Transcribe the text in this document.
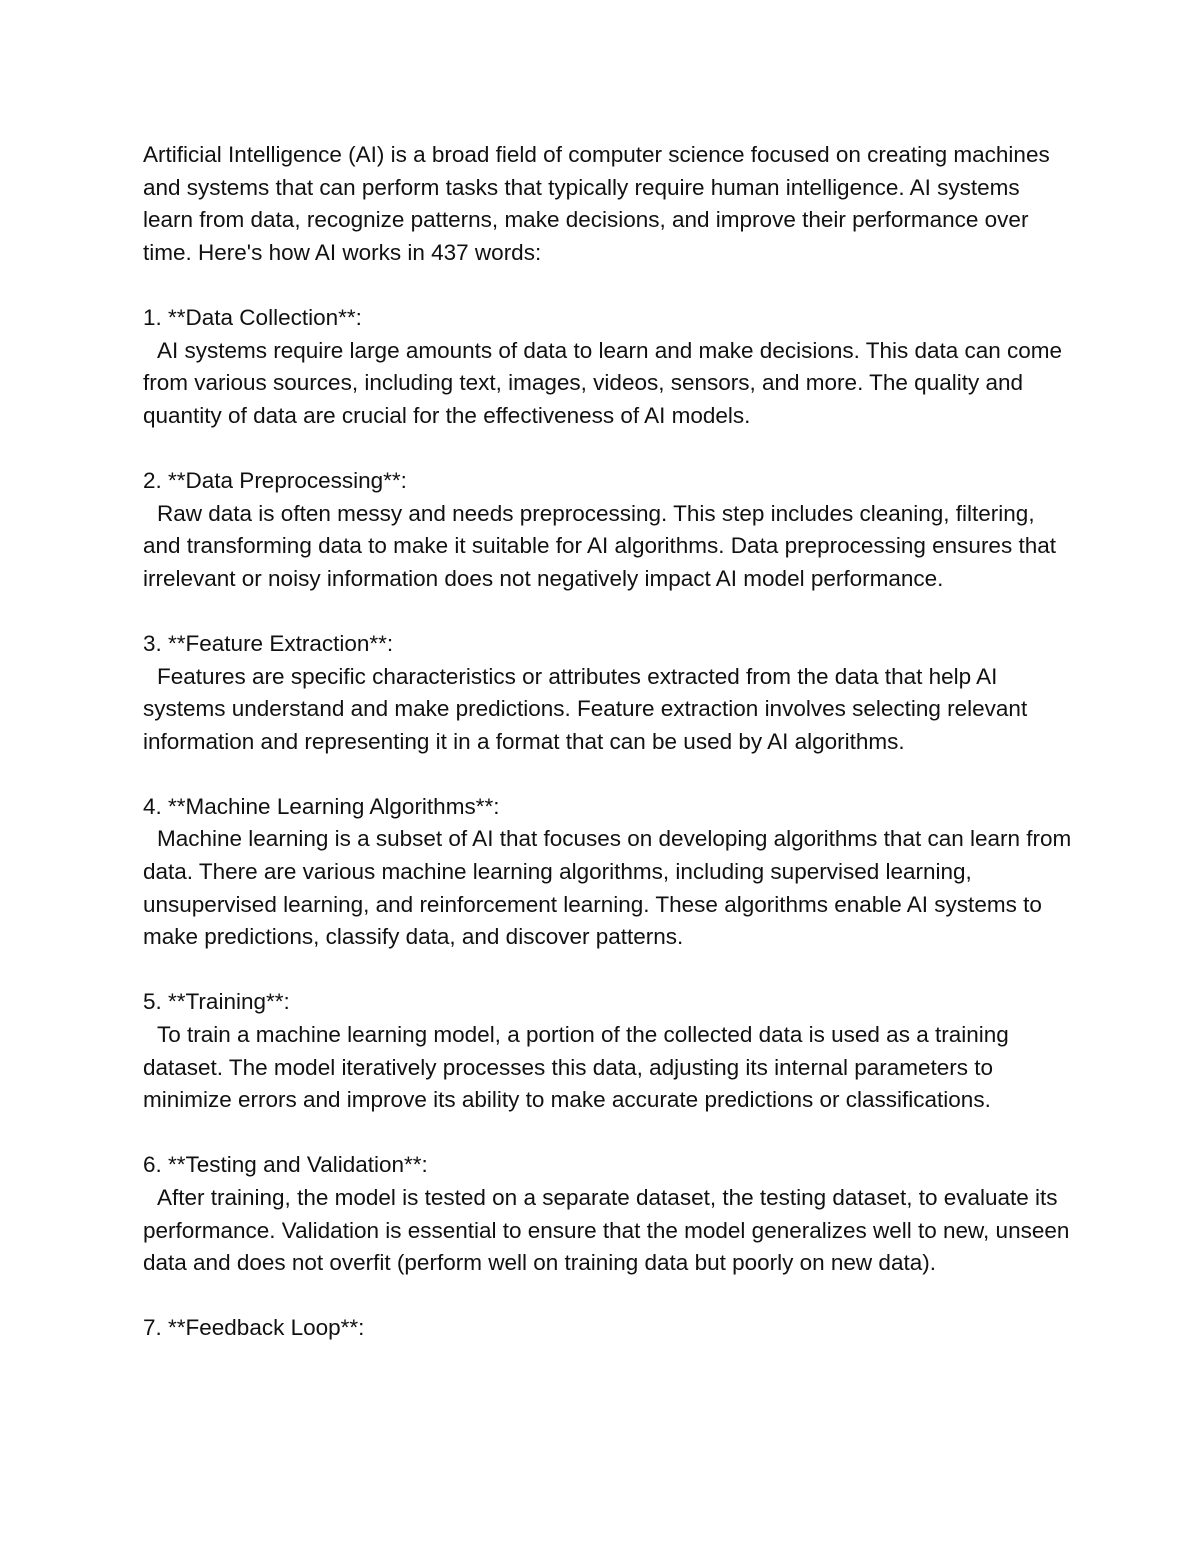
Artificial Intelligence (AI) is a broad field of computer science focused on creating machines and systems that can perform tasks that typically require human intelligence. AI systems learn from data, recognize patterns, make decisions, and improve their performance over time. Here's how AI works in 437 words:

1. **Data Collection**:
AI systems require large amounts of data to learn and make decisions. This data can come from various sources, including text, images, videos, sensors, and more. The quality and quantity of data are crucial for the effectiveness of AI models.
2. **Data Preprocessing**:
Raw data is often messy and needs preprocessing. This step includes cleaning, filtering, and transforming data to make it suitable for AI algorithms. Data preprocessing ensures that irrelevant or noisy information does not negatively impact AI model performance.
3. **Feature Extraction**:
Features are specific characteristics or attributes extracted from the data that help AI systems understand and make predictions. Feature extraction involves selecting relevant information and representing it in a format that can be used by AI algorithms.
4. **Machine Learning Algorithms**:
Machine learning is a subset of AI that focuses on developing algorithms that can learn from data. There are various machine learning algorithms, including supervised learning, unsupervised learning, and reinforcement learning. These algorithms enable AI systems to make predictions, classify data, and discover patterns.
5. **Training**:
To train a machine learning model, a portion of the collected data is used as a training dataset. The model iteratively processes this data, adjusting its internal parameters to minimize errors and improve its ability to make accurate predictions or classifications.
6. **Testing and Validation**:
After training, the model is tested on a separate dataset, the testing dataset, to evaluate its performance. Validation is essential to ensure that the model generalizes well to new, unseen data and does not overfit (perform well on training data but poorly on new data).
7. **Feedback Loop**:
